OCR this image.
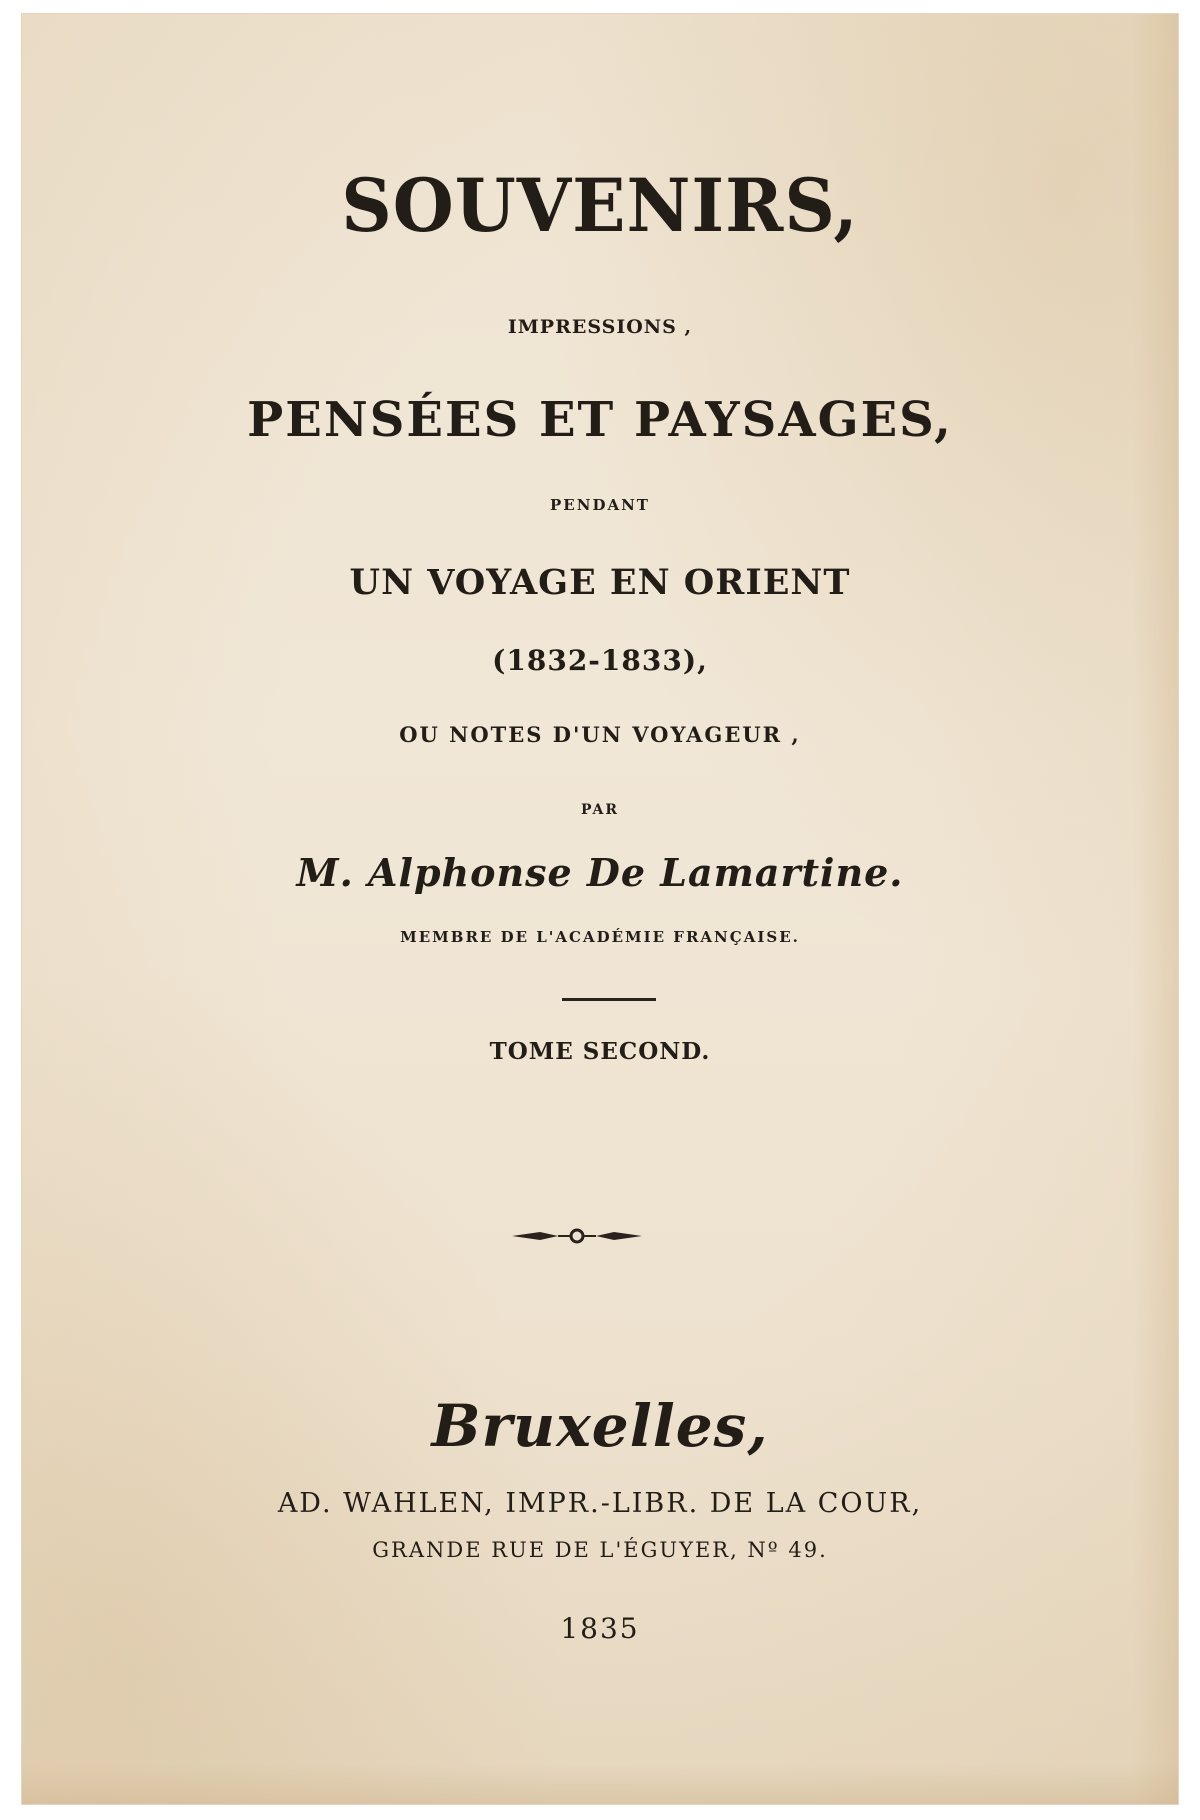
SOUVENIRS,
IMPRESSIONS ,
PENSÉES ET PAYSAGES,
PENDANT
UN VOYAGE EN ORIENT
(1832-1833),
OU NOTES D'UN VOYAGEUR ,
PAR
M. Alphonse De Lamartine.
MEMBRE DE L'ACADÉMIE FRANÇAISE.
TOME SECOND.
Bruxelles,
AD. WAHLEN, IMPR.-LIBR. DE LA COUR,
GRANDE RUE DE L'ÉGUYER, Nº 49.
1835
